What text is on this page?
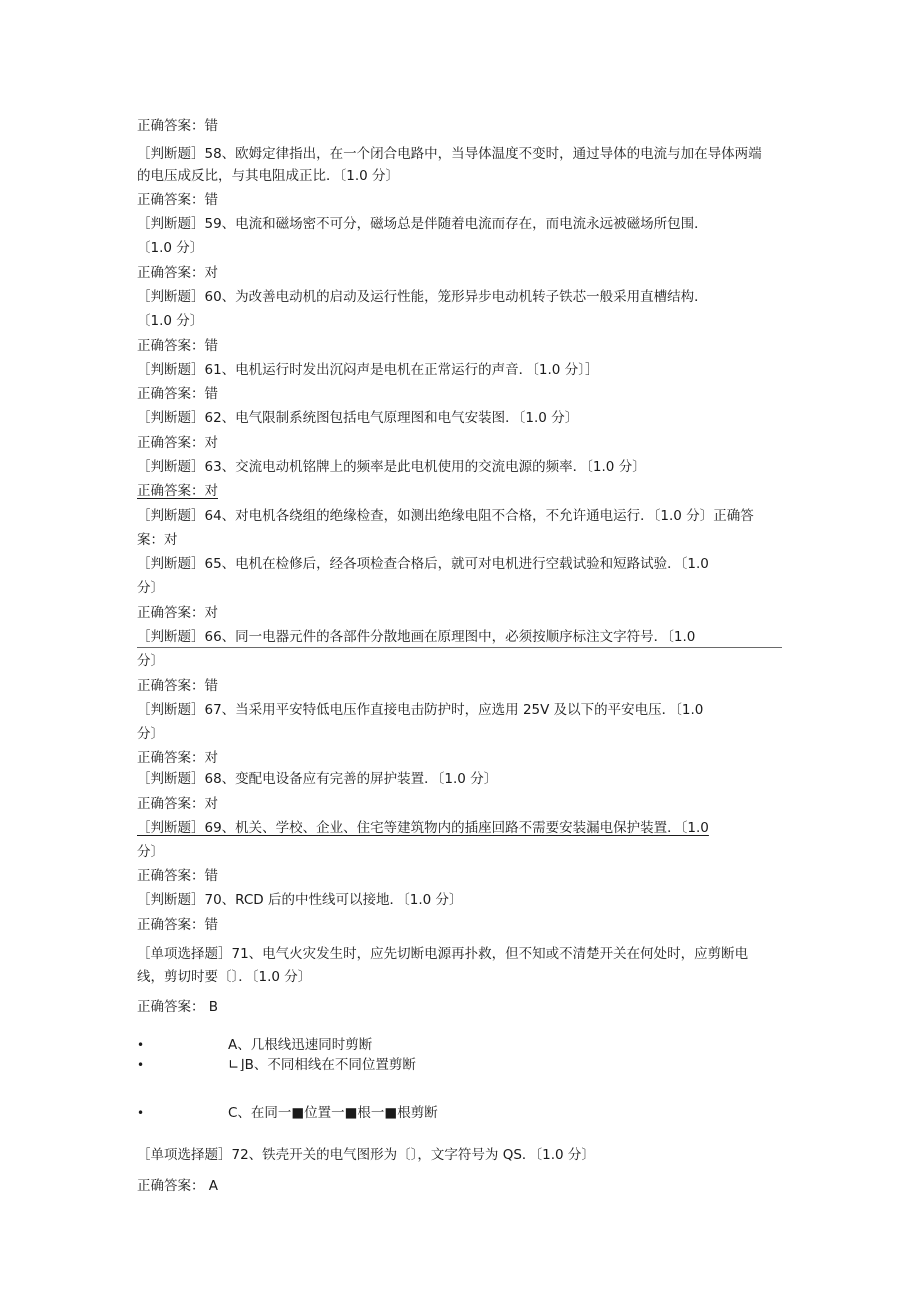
正确答案：错
［判断题］58、欧姆定律指出，在一个闭合电路中，当导体温度不变时，通过导体的电流与加在导体两端
的电压成反比，与其电阻成正比．〔1.0 分〕
正确答案：错
［判断题］59、电流和磁场密不可分，磁场总是伴随着电流而存在，而电流永远被磁场所包围．
〔1.0 分〕
正确答案：对
［判断题］60、为改善电动机的启动及运行性能，笼形异步电动机转子铁芯一般采用直槽结构．
〔1.0 分〕
正确答案：错
［判断题］61、电机运行时发出沉闷声是电机在正常运行的声音．〔1.0 分〕］
正确答案：错
［判断题］62、电气限制系统图包括电气原理图和电气安装图．〔1.0 分〕
正确答案：对
［判断题］63、交流电动机铭牌上的频率是此电机使用的交流电源的频率．〔1.0 分〕
正确答案：对
［判断题］64、对电机各绕组的绝缘检查，如测出绝缘电阻不合格，不允许通电运行．〔1.0 分〕正确答
案：对
［判断题］65、电机在检修后，经各项检查合格后，就可对电机进行空载试验和短路试验．〔1.0
分〕
正确答案：对
［判断题］66、同一电器元件的各部件分散地画在原理图中，必须按顺序标注文字符号．〔1.0
分〕
正确答案：错
［判断题］67、当采用平安特低电压作直接电击防护时，应选用 25V 及以下的平安电压．〔1.0
分〕
正确答案：对
［判断题］68、变配电设备应有完善的屏护装置．〔1.0 分〕
正确答案：对
［判断题］69、机关、学校、企业、住宅等建筑物内的插座回路不需要安装漏电保护装置．〔1.0
分〕
正确答案：错
［判断题］70、RCD 后的中性线可以接地．〔1.0 分〕
正确答案：错
［单项选择题］71、电气火灾发生时，应先切断电源再扑救，但不知或不清楚开关在何处时，应剪断电
线，剪切时要〔〕．〔1.0 分〕
正确答案： B
•	A、几根线迅速同时剪断
•	∟⌋B、不同相线在不同位置剪断
•	C、在同一■位置一■根一■根剪断
［单项选择题］72、铁壳开关的电气图形为〔〕，文字符号为 QS．〔1.0 分〕
正确答案： A
